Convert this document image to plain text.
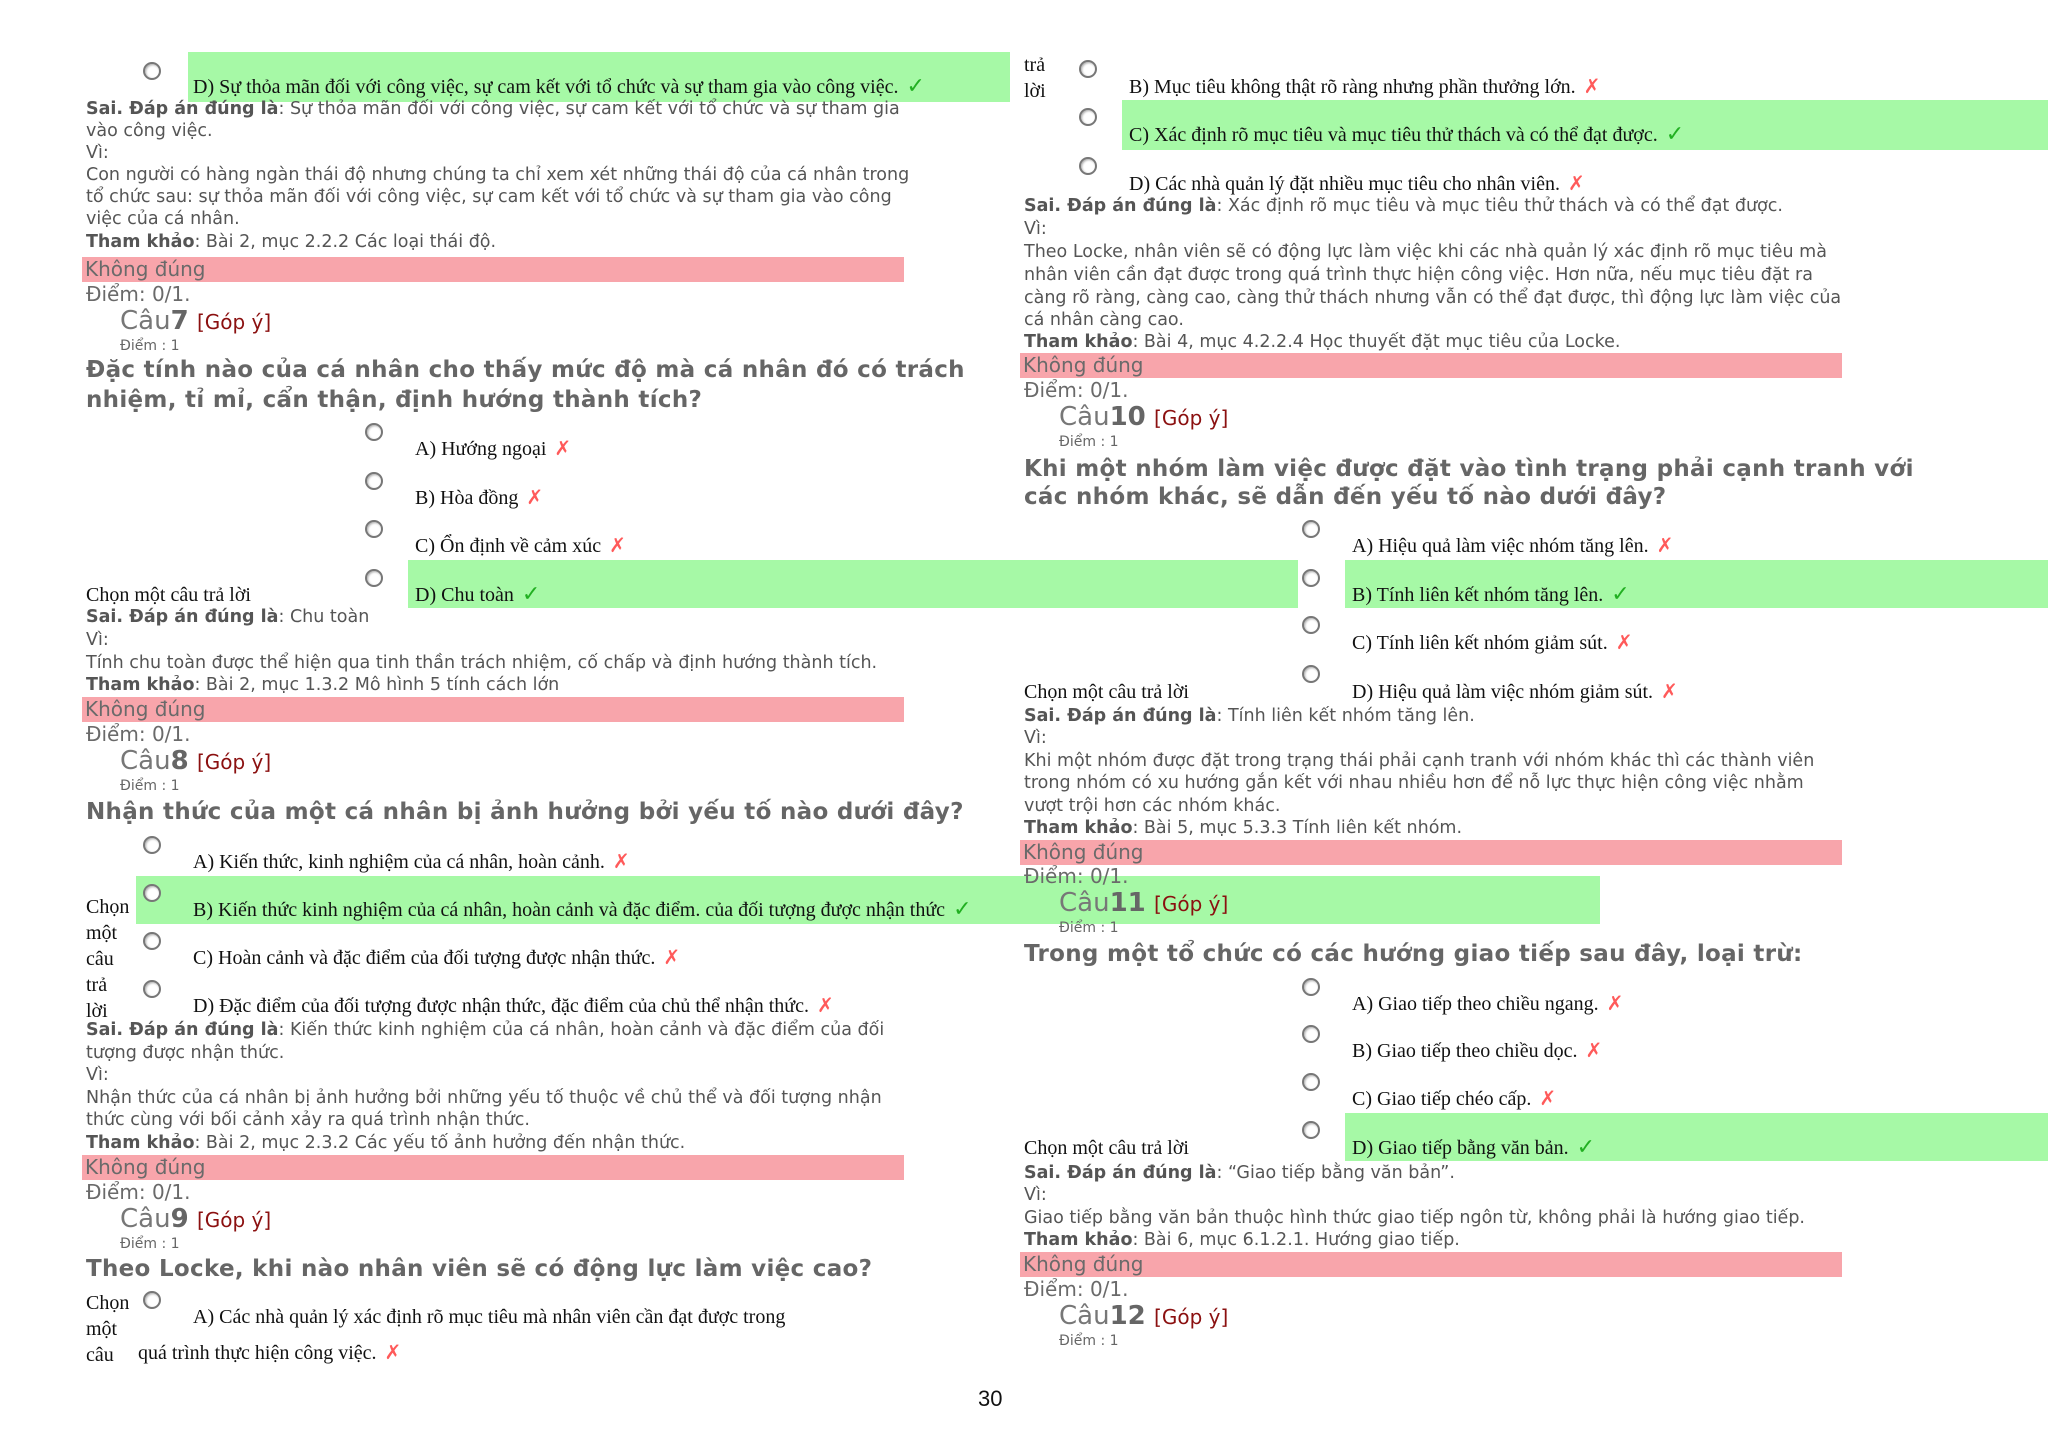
D) Sự thỏa mãn đối với công việc, sự cam kết với tổ chức và sự tham gia vào công việc. ✓
Sai. Đáp án đúng là: Sự thỏa mãn đối với công việc, sự cam kết với tổ chức và sự tham gia
vào công việc.
Vì:
Con người có hàng ngàn thái độ nhưng chúng ta chỉ xem xét những thái độ của cá nhân trong
tổ chức sau: sự thỏa mãn đối với công việc, sự cam kết với tổ chức và sự tham gia vào công
việc của cá nhân.
Tham khảo: Bài 2, mục 2.2.2 Các loại thái độ.
Không đúng
Điểm: 0/1.
Câu7 [Góp ý]
Điểm : 1
Đặc tính nào của cá nhân cho thấy mức độ mà cá nhân đó có trách
nhiệm, tỉ mỉ, cẩn thận, định hướng thành tích?
A) Hướng ngoại ✗
B) Hòa đồng ✗
C) Ổn định về cảm xúc ✗
Chọn một câu trả lời	D) Chu toàn ✓
Sai. Đáp án đúng là: Chu toàn
Vì:
Tính chu toàn được thể hiện qua tinh thần trách nhiệm, cố chấp và định hướng thành tích.
Tham khảo: Bài 2, mục 1.3.2 Mô hình 5 tính cách lớn
Không đúng
Điểm: 0/1.
Câu8 [Góp ý]
Điểm : 1
Nhận thức của một cá nhân bị ảnh hưởng bởi yếu tố nào dưới đây?
A) Kiến thức, kinh nghiệm của cá nhân, hoàn cảnh. ✗
B) Kiến thức kinh nghiệm của cá nhân, hoàn cảnh và đặc điểm. của đối tượng được nhận thức ✓
C) Hoàn cảnh và đặc điểm của đối tượng được nhận thức. ✗
D) Đặc điểm của đối tượng được nhận thức, đặc điểm của chủ thể nhận thức. ✗
Chọn
một
câu
trả
lời
Sai. Đáp án đúng là: Kiến thức kinh nghiệm của cá nhân, hoàn cảnh và đặc điểm của đối
tượng được nhận thức.
Vì:
Nhận thức của cá nhân bị ảnh hưởng bởi những yếu tố thuộc về chủ thể và đối tượng nhận
thức cùng với bối cảnh xảy ra quá trình nhận thức.
Tham khảo: Bài 2, mục 2.3.2 Các yếu tố ảnh hưởng đến nhận thức.
Không đúng
Điểm: 0/1.
Câu9 [Góp ý]
Điểm : 1
Theo Locke, khi nào nhân viên sẽ có động lực làm việc cao?
Chọn
một
câu
A) Các nhà quản lý xác định rõ mục tiêu mà nhân viên cần đạt được trong
quá trình thực hiện công việc. ✗
trả
lời	B) Mục tiêu không thật rõ ràng nhưng phần thưởng lớn. ✗
C) Xác định rõ mục tiêu và mục tiêu thử thách và có thể đạt được. ✓
D) Các nhà quản lý đặt nhiều mục tiêu cho nhân viên. ✗
Sai. Đáp án đúng là: Xác định rõ mục tiêu và mục tiêu thử thách và có thể đạt được.
Vì:
Theo Locke, nhân viên sẽ có động lực làm việc khi các nhà quản lý xác định rõ mục tiêu mà
nhân viên cần đạt được trong quá trình thực hiện công việc. Hơn nữa, nếu mục tiêu đặt ra
càng rõ ràng, càng cao, càng thử thách nhưng vẫn có thể đạt được, thì động lực làm việc của
cá nhân càng cao.
Tham khảo: Bài 4, mục 4.2.2.4 Học thuyết đặt mục tiêu của Locke.
Không đúng
Điểm: 0/1.
Câu10 [Góp ý]
Điểm : 1
Khi một nhóm làm việc được đặt vào tình trạng phải cạnh tranh với
các nhóm khác, sẽ dẫn đến yếu tố nào dưới đây?
A) Hiệu quả làm việc nhóm tăng lên. ✗
B) Tính liên kết nhóm tăng lên. ✓
C) Tính liên kết nhóm giảm sút. ✗
Chọn một câu trả lời	D) Hiệu quả làm việc nhóm giảm sút. ✗
Sai. Đáp án đúng là: Tính liên kết nhóm tăng lên.
Vì:
Khi một nhóm được đặt trong trạng thái phải cạnh tranh với nhóm khác thì các thành viên
trong nhóm có xu hướng gắn kết với nhau nhiều hơn để nỗ lực thực hiện công việc nhằm
vượt trội hơn các nhóm khác.
Tham khảo: Bài 5, mục 5.3.3 Tính liên kết nhóm.
Không đúng
Điểm: 0/1.
Câu11 [Góp ý]
Điểm : 1
Trong một tổ chức có các hướng giao tiếp sau đây, loại trừ:
A) Giao tiếp theo chiều ngang. ✗
B) Giao tiếp theo chiều dọc. ✗
C) Giao tiếp chéo cấp. ✗
Chọn một câu trả lời	D) Giao tiếp bằng văn bản. ✓
Sai. Đáp án đúng là: “Giao tiếp bằng văn bản”.
Vì:
Giao tiếp bằng văn bản thuộc hình thức giao tiếp ngôn từ, không phải là hướng giao tiếp.
Tham khảo: Bài 6, mục 6.1.2.1. Hướng giao tiếp.
Không đúng
Điểm: 0/1.
Câu12 [Góp ý]
Điểm : 1
30
